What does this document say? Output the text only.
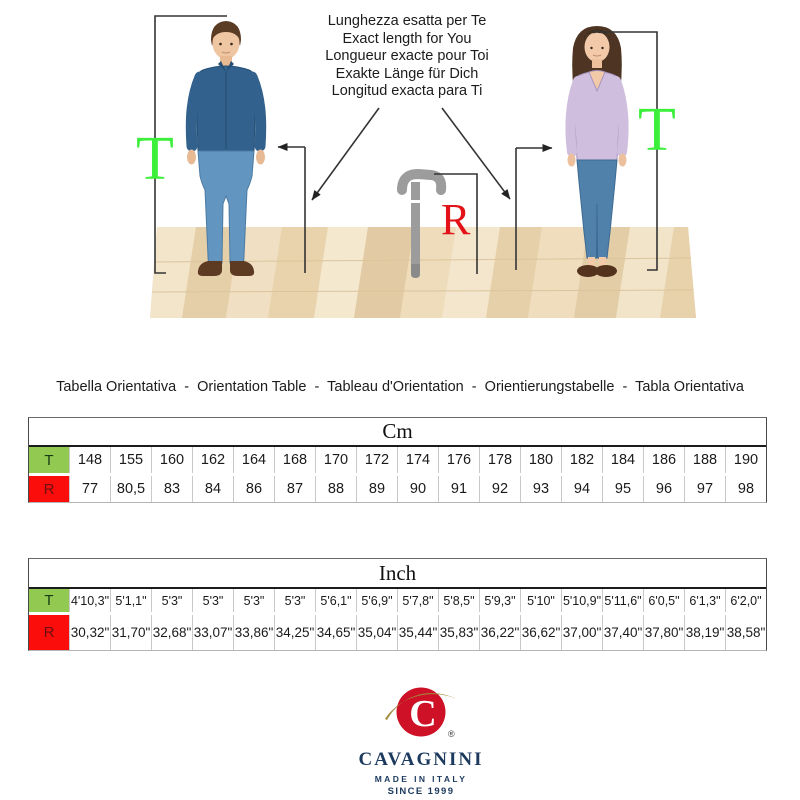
Lunghezza esatta per Te
Exact length for You
Longueur exacte pour Toi
Exakte Länge für Dich
Longitud exacta para Ti
T	T
R
Tabella Orientativa  -  Orientation Table  -  Tableau d'Orientation  -  Orientierungstabelle  -  Tabla Orientativa
Cm
T	148	155	160	162	164	168	170	172	174	176	178	180	182	184	186	188	190
R	77	80,5	83	84	86	87	88	89	90	91	92	93	94	95	96	97	98
Inch
T	4'10,3" 5'1,1"	5'3"	5'3"	5'3"	5'3"	5'6,1" 5'6,9" 5'7,8" 5'8,5" 5'9,3" 5'10" 5'10,9" 5'11,6" 6'0,5" 6'1,3" 6'2,0"
R	30,32" 31,70" 32,68" 33,07" 33,86" 34,25" 34,65" 35,04" 35,44" 35,83" 36,22" 36,62" 37,00" 37,40" 37,80" 38,19" 38,58"
C ®
CAVAGNINI
MADE IN ITALY
SINCE 1999
